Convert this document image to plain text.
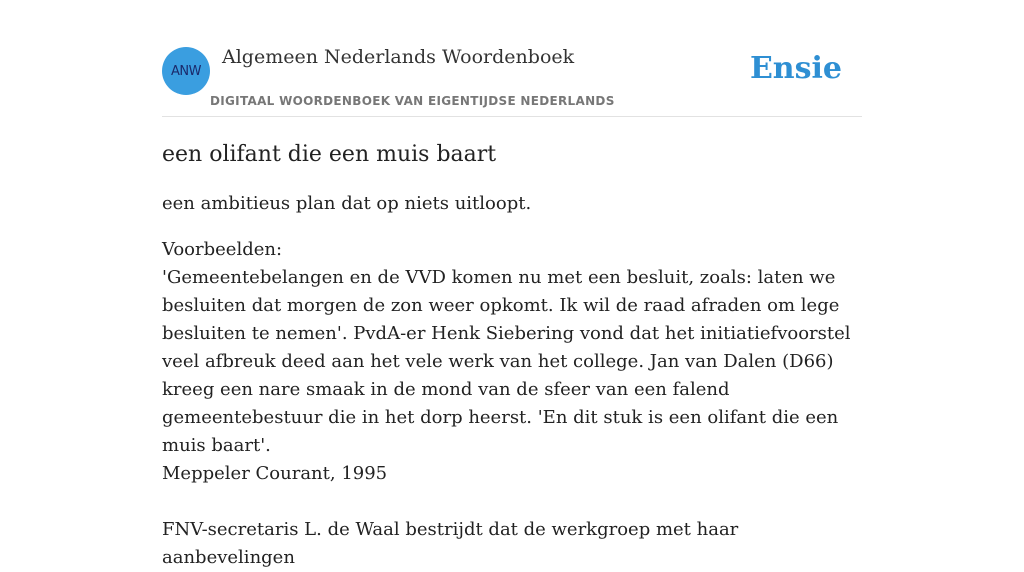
ANW
Algemeen Nederlands Woordenboek
DIGITAAL WOORDENBOEK VAN EIGENTIJDSE NEDERLANDS
Ensie
een olifant die een muis baart

een ambitieus plan dat op niets uitloopt.

Voorbeelden:
'Gemeentebelangen en de VVD komen nu met een besluit, zoals: laten we besluiten dat morgen de zon weer opkomt. Ik wil de raad afraden om lege besluiten te nemen'. PvdA-er Henk Siebering vond dat het initiatiefvoorstel veel afbreuk deed aan het vele werk van het college. Jan van Dalen (D66) kreeg een nare smaak in de mond van de sfeer van een falend gemeentebestuur die in het dorp heerst. 'En dit stuk is een olifant die een muis baart'.
Meppeler Courant, 1995
FNV-secretaris L. de Waal bestrijdt dat de werkgroep met haar aanbevelingen
